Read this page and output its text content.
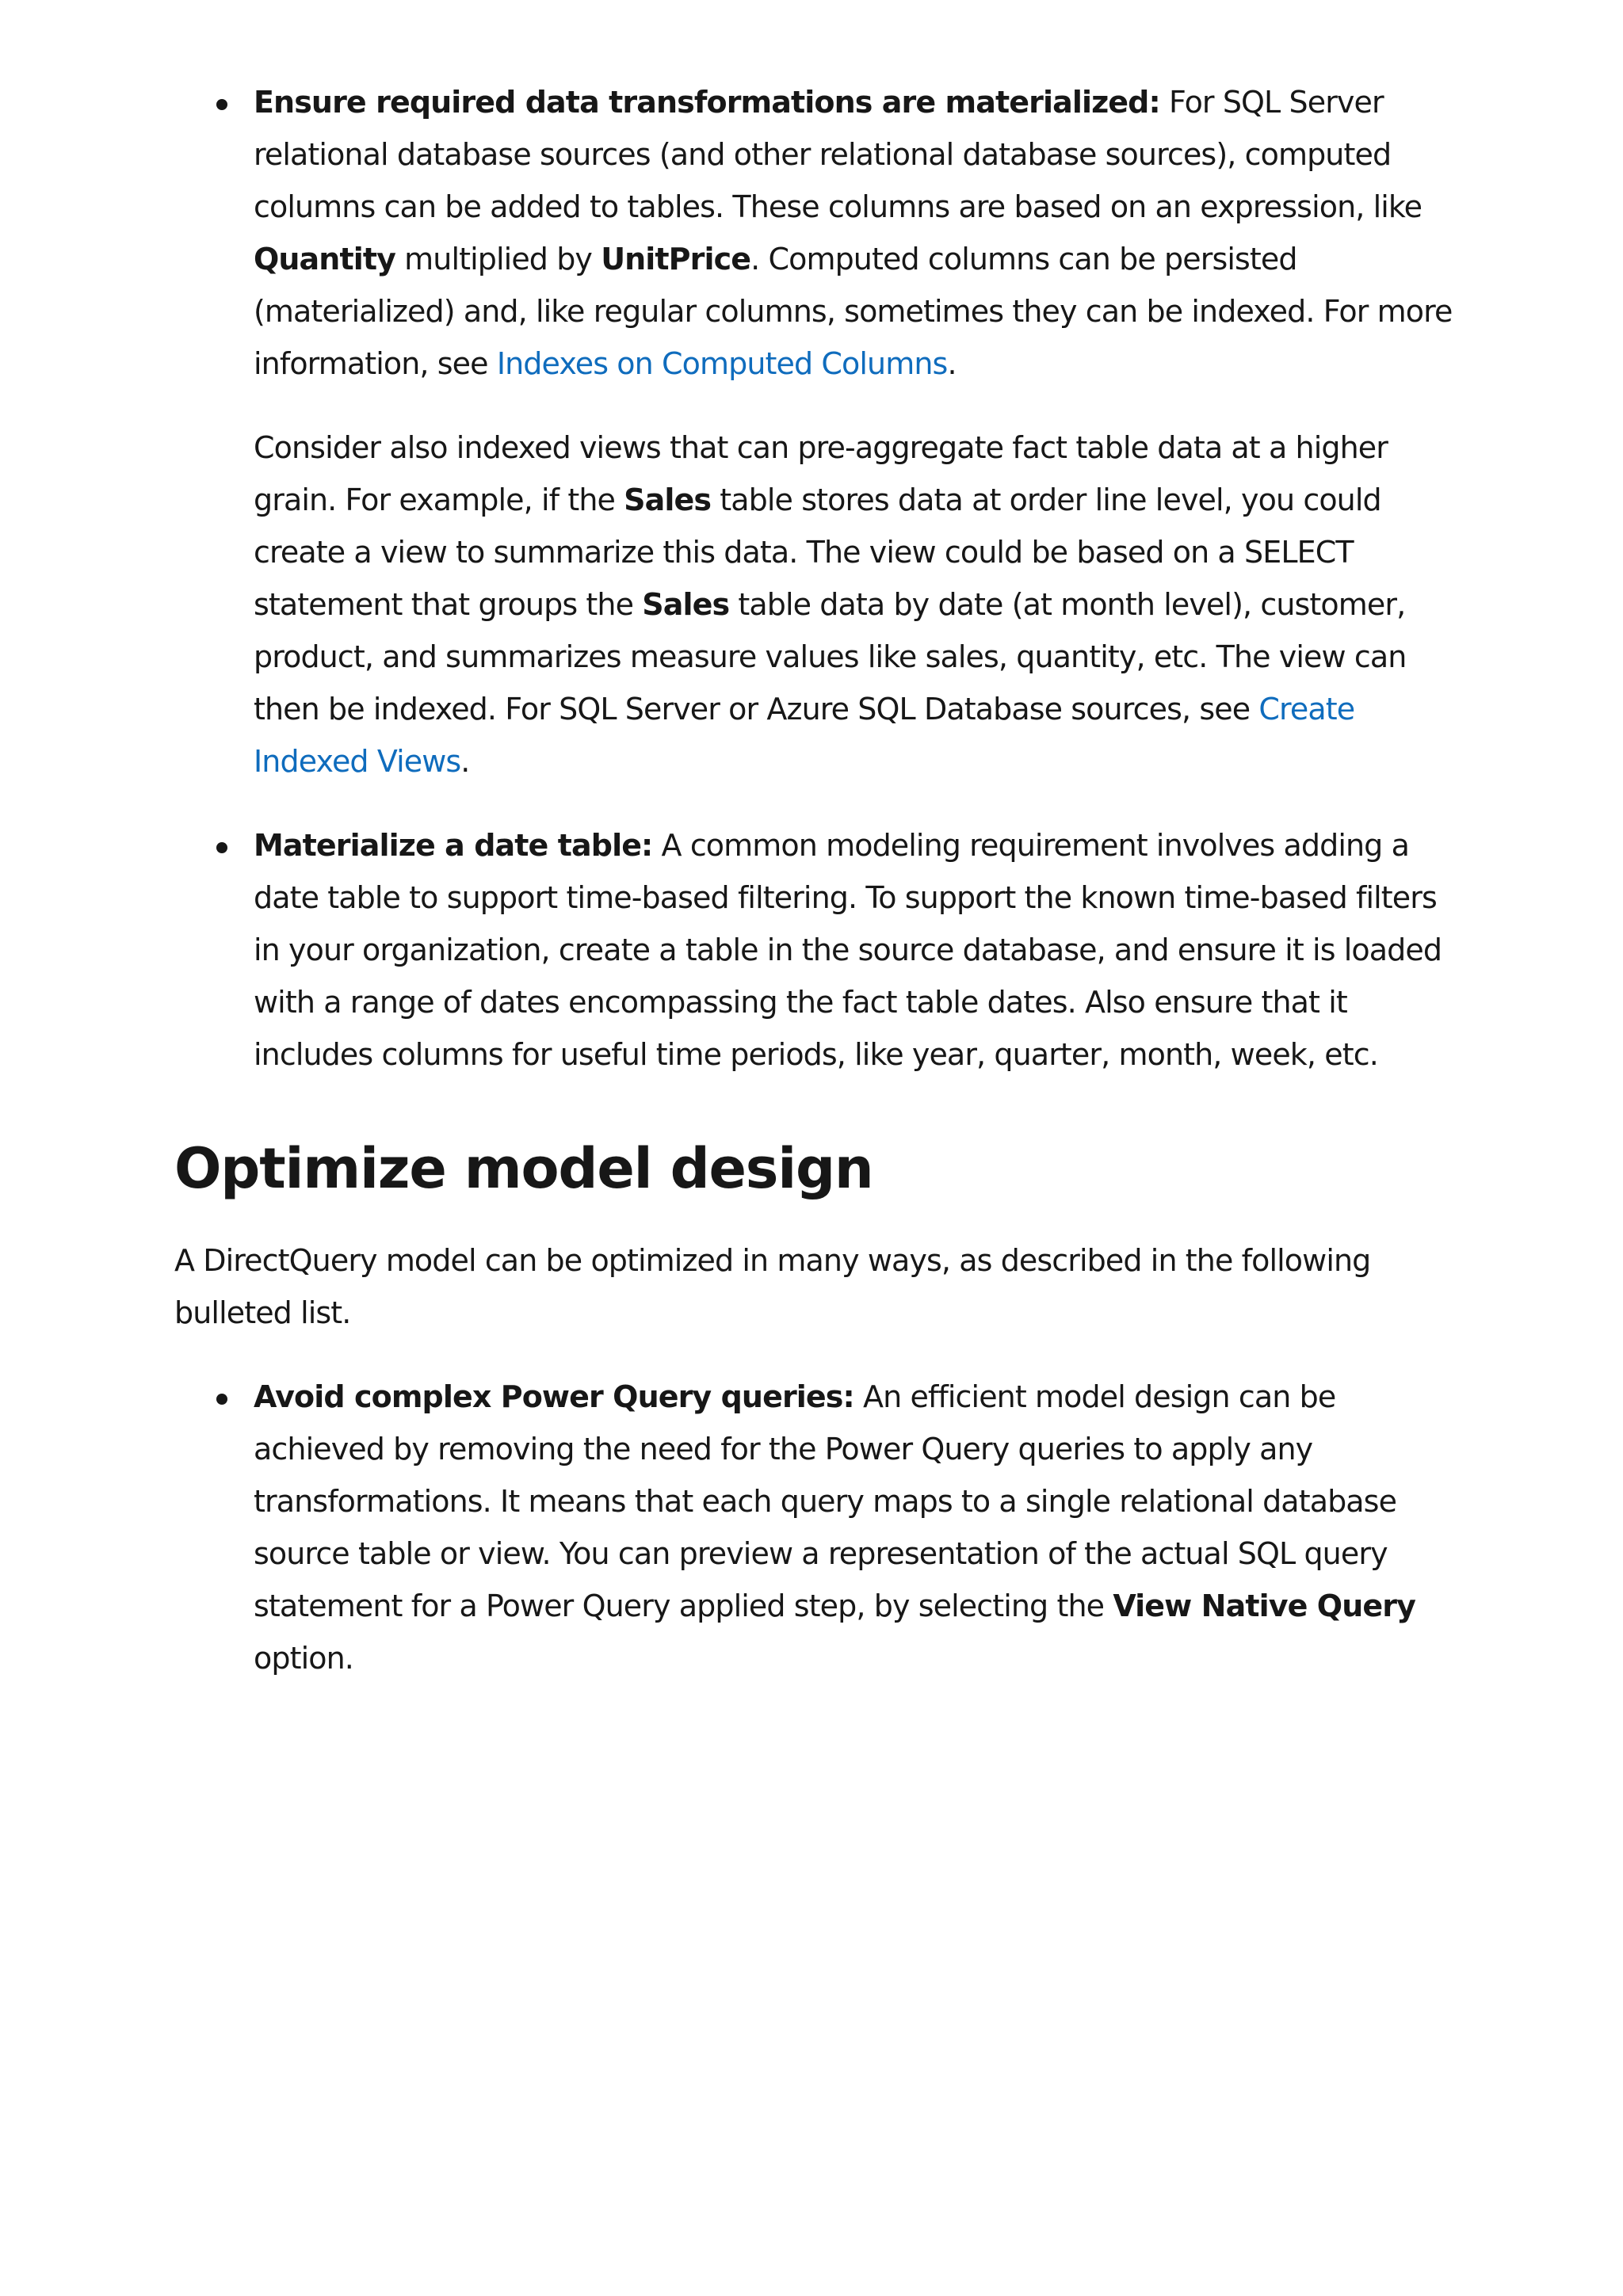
Ensure required data transformations are materialized: For SQL Server relational database sources (and other relational database sources), computed columns can be added to tables. These columns are based on an expression, like Quantity multiplied by UnitPrice. Computed columns can be persisted (materialized) and, like regular columns, sometimes they can be indexed. For more information, see Indexes on Computed Columns.

Consider also indexed views that can pre-aggregate fact table data at a higher grain. For example, if the Sales table stores data at order line level, you could create a view to summarize this data. The view could be based on a SELECT statement that groups the Sales table data by date (at month level), customer, product, and summarizes measure values like sales, quantity, etc. The view can then be indexed. For SQL Server or Azure SQL Database sources, see Create Indexed Views.

Materialize a date table: A common modeling requirement involves adding a date table to support time-based filtering. To support the known time-based filters in your organization, create a table in the source database, and ensure it is loaded with a range of dates encompassing the fact table dates. Also ensure that it includes columns for useful time periods, like year, quarter, month, week, etc.

Optimize model design

A DirectQuery model can be optimized in many ways, as described in the following bulleted list.

Avoid complex Power Query queries: An efficient model design can be achieved by removing the need for the Power Query queries to apply any transformations. It means that each query maps to a single relational database source table or view. You can preview a representation of the actual SQL query statement for a Power Query applied step, by selecting the View Native Query option.
